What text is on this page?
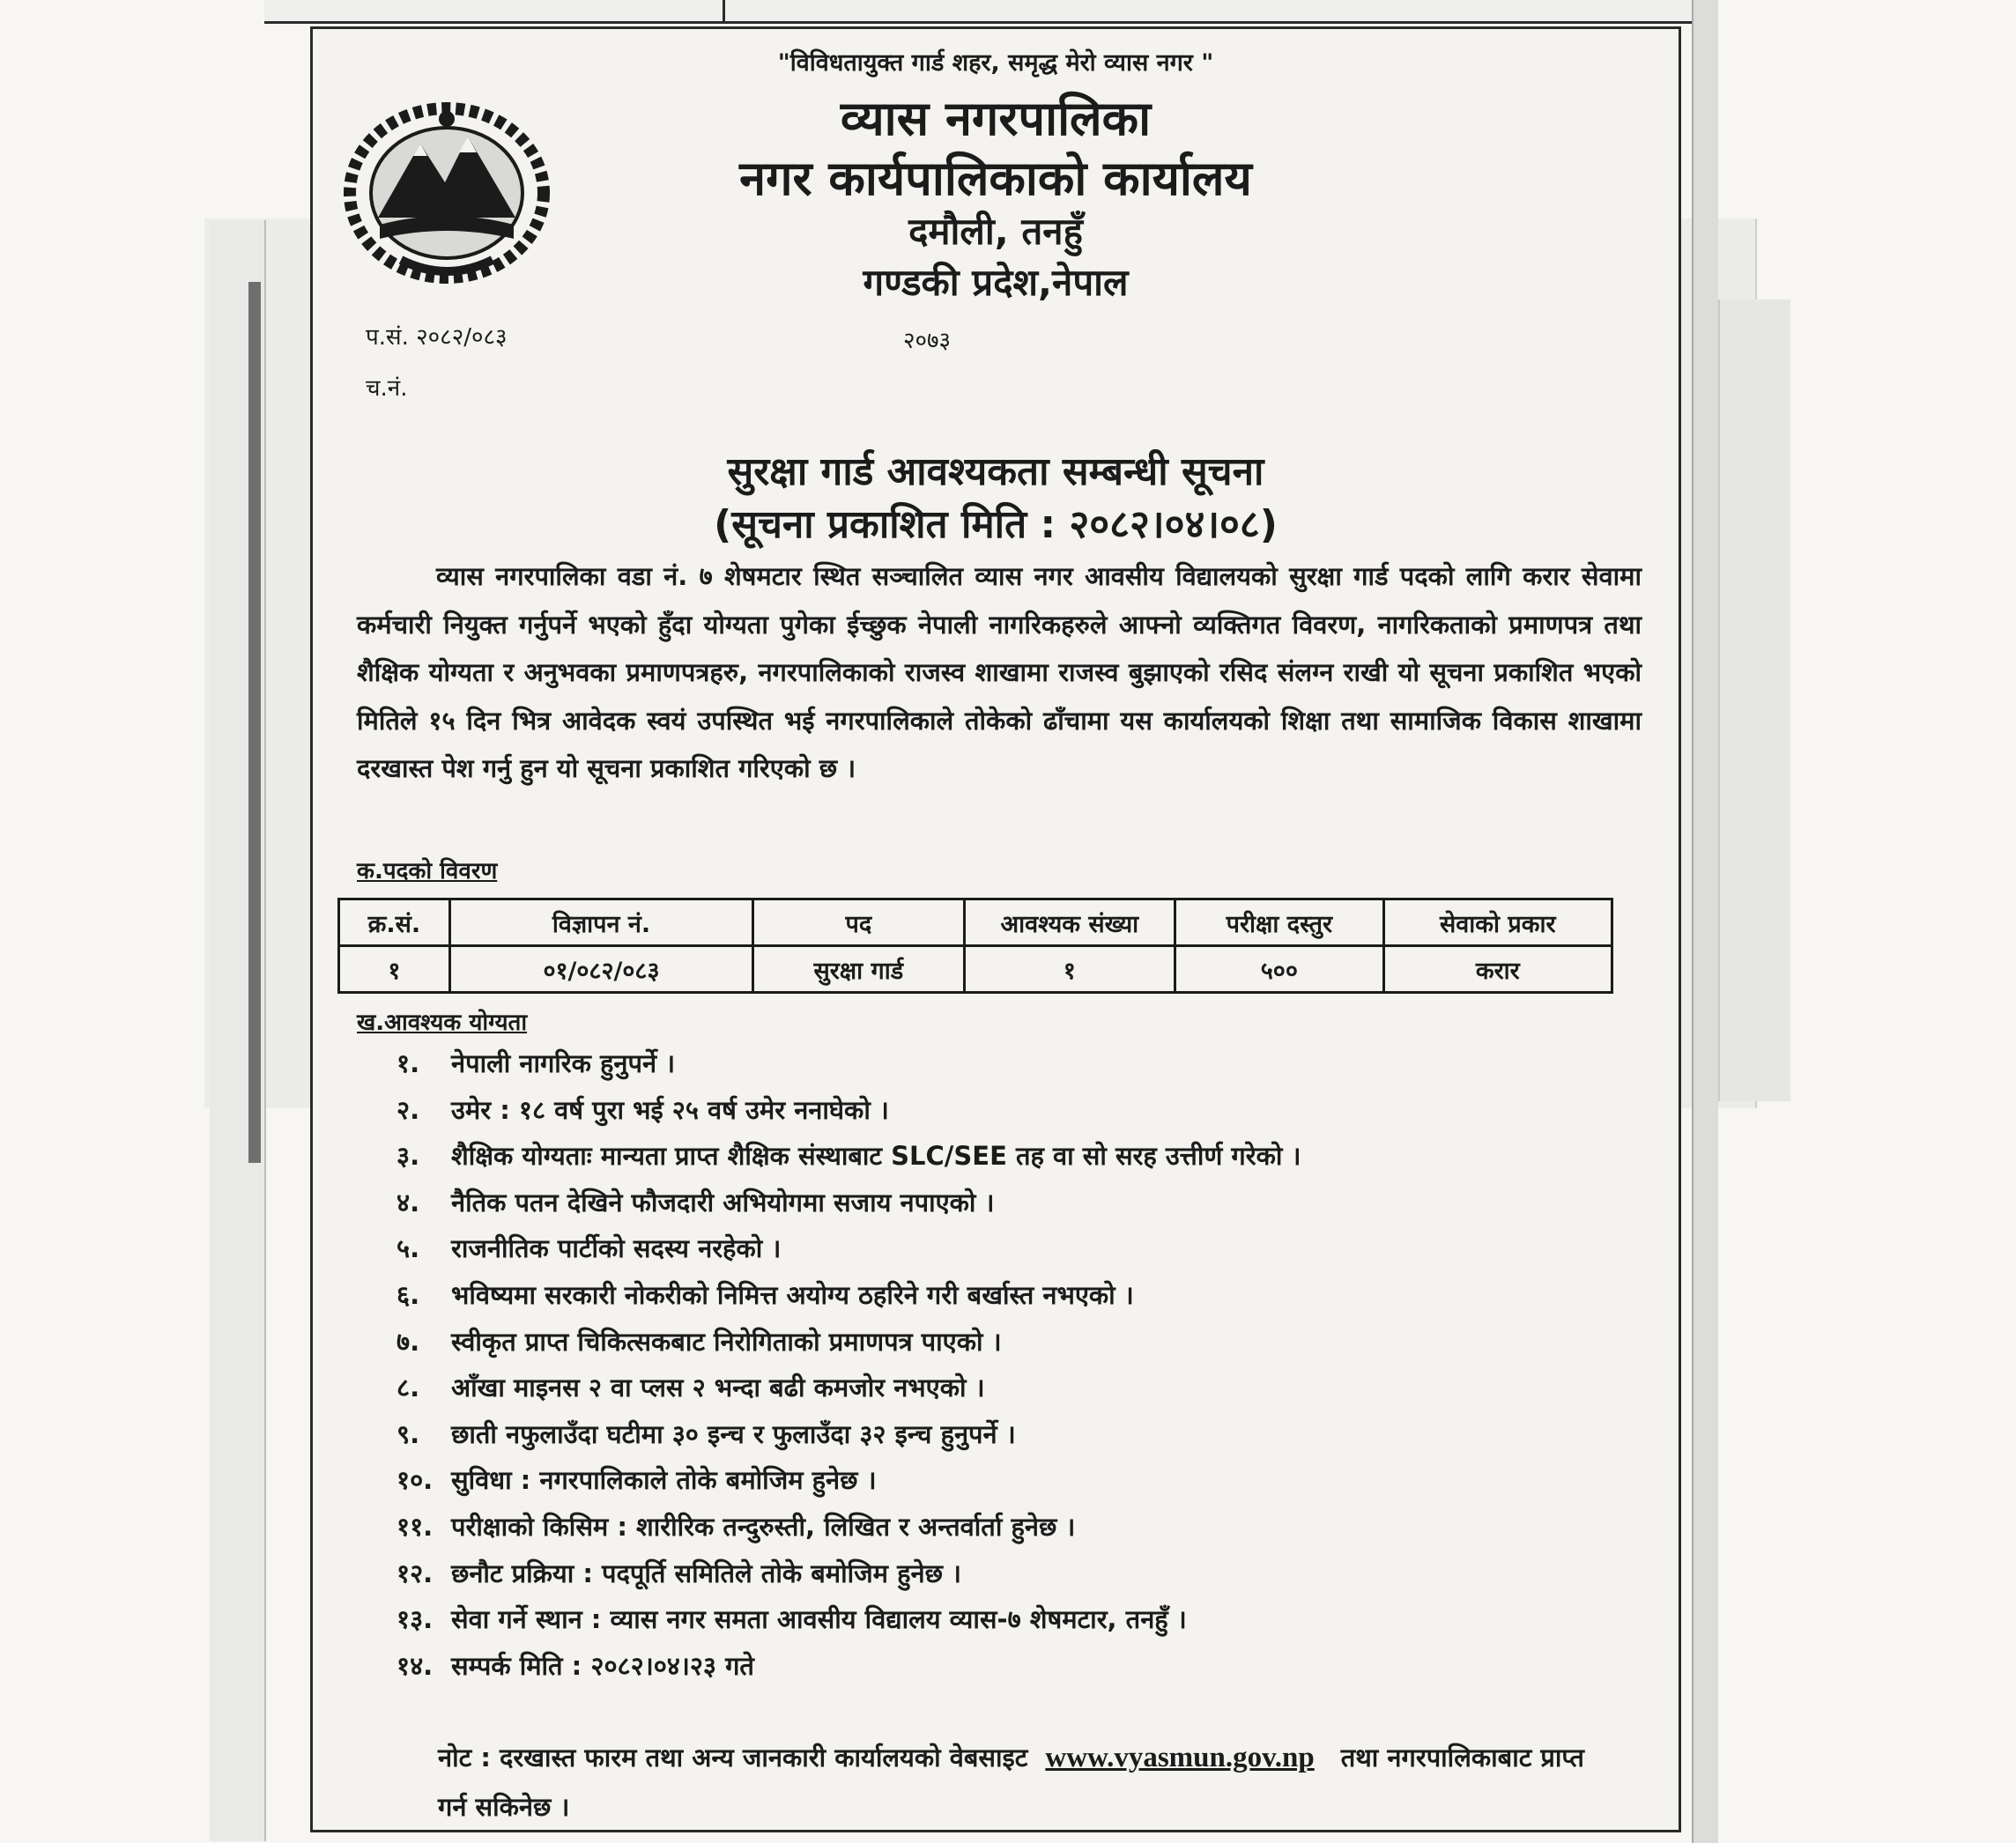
"विविधतायुक्त गार्ड शहर, समृद्ध मेरो व्यास नगर "
व्यास नगरपालिका
नगर कार्यपालिकाको कार्यालय
दमौली, तनहुँ
गण्डकी प्रदेश,नेपाल
प.सं. २०८२/०८३	२०७३
च.नं.
सुरक्षा गार्ड आवश्यकता सम्बन्धी सूचना
(सूचना प्रकाशित मिति : २०८२।०४।०८)
व्यास नगरपालिका वडा नं. ७ शेषमटार स्थित सञ्चालित व्यास नगर आवसीय विद्यालयको सुरक्षा गार्ड पदको लागि करार सेवामा कर्मचारी नियुक्त गर्नुपर्ने भएको हुँदा योग्यता पुगेका ईच्छुक नेपाली नागरिकहरुले आफ्नो व्यक्तिगत विवरण, नागरिकताको प्रमाणपत्र तथा शैक्षिक योग्यता र अनुभवका प्रमाणपत्रहरु, नगरपालिकाको राजस्व शाखामा राजस्व बुझाएको रसिद संलग्न राखी यो सूचना प्रकाशित भएको मितिले १५ दिन भित्र आवेदक स्वयं उपस्थित भई नगरपालिकाले तोकेको ढाँचामा यस कार्यालयको शिक्षा तथा सामाजिक विकास शाखामा दरखास्त पेश गर्नु हुन यो सूचना प्रकाशित गरिएको छ ।
क.पदको विवरण
क्र.सं.	विज्ञापन नं.	पद	आवश्यक संख्या	परीक्षा दस्तुर	सेवाको प्रकार
१	०१/०८२/०८३	सुरक्षा गार्ड	१	५००	करार
ख.आवश्यक योग्यता
१. नेपाली नागरिक हुनुपर्ने ।
२. उमेर : १८ वर्ष पुरा भई २५ वर्ष उमेर ननाघेको ।
३. शैक्षिक योग्यताः मान्यता प्राप्त शैक्षिक संस्थाबाट SLC/SEE तह वा सो सरह उत्तीर्ण गरेको ।
४. नैतिक पतन देखिने फौजदारी अभियोगमा सजाय नपाएको ।
५. राजनीतिक पार्टीको सदस्य नरहेको ।
६. भविष्यमा सरकारी नोकरीको निमित्त अयोग्य ठहरिने गरी बर्खास्त नभएको ।
७. स्वीकृत प्राप्त चिकित्सकबाट निरोगिताको प्रमाणपत्र पाएको ।
८. आँखा माइनस २ वा प्लस २ भन्दा बढी कमजोर नभएको ।
९. छाती नफुलाउँदा घटीमा ३० इन्च र फुलाउँदा ३२ इन्च हुनुपर्ने ।
१०. सुविधा : नगरपालिकाले तोके बमोजिम हुनेछ ।
११. परीक्षाको किसिम : शारीरिक तन्दुरुस्ती, लिखित र अन्तर्वार्ता हुनेछ ।
१२. छनौट प्रक्रिया : पदपूर्ति समितिले तोके बमोजिम हुनेछ ।
१३. सेवा गर्ने स्थान : व्यास नगर समता आवसीय विद्यालय व्यास-७ शेषमटार, तनहुँ ।
१४. सम्पर्क मिति : २०८२।०४।२३ गते
नोट : दरखास्त फारम तथा अन्य जानकारी कार्यालयको वेबसाइट www.vyasmun.gov.np तथा नगरपालिकाबाट प्राप्त गर्न सकिनेछ ।
